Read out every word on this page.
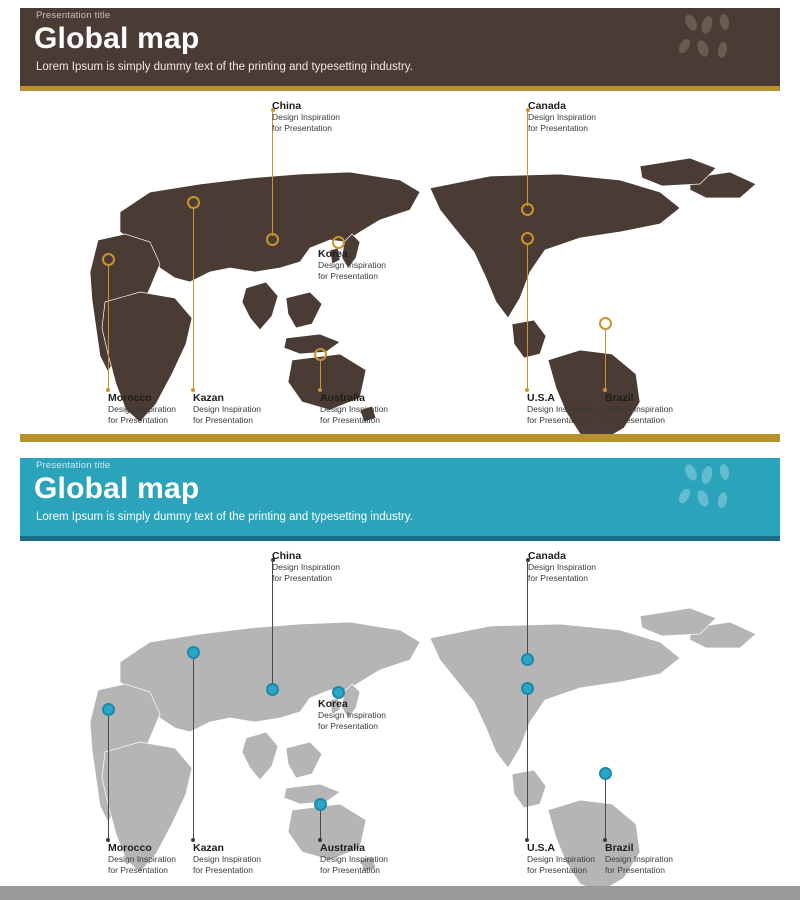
Presentation title
Global map
Lorem Ipsum is simply dummy text of the printing and typesetting industry.
China
Design Inspiration
for Presentation
Canada
Design Inspiration
for Presentation
Korea
Design Inspiration
for Presentation
Morocco
Design Inspiration
for Presentation
Kazan
Design Inspiration
for Presentation
Australia
Design Inspiration
for Presentation
U.S.A
Design Inspiration
for Presentation
Brazil
Design Inspiration
for Presentation
Presentation title
Global map
Lorem Ipsum is simply dummy text of the printing and typesetting industry.
China
Design Inspiration
for Presentation
Canada
Design Inspiration
for Presentation
Korea
Design Inspiration
for Presentation
Morocco
Design Inspiration
for Presentation
Kazan
Design Inspiration
for Presentation
Australia
Design Inspiration
for Presentation
U.S.A
Design Inspiration
for Presentation
Brazil
Design Inspiration
for Presentation
